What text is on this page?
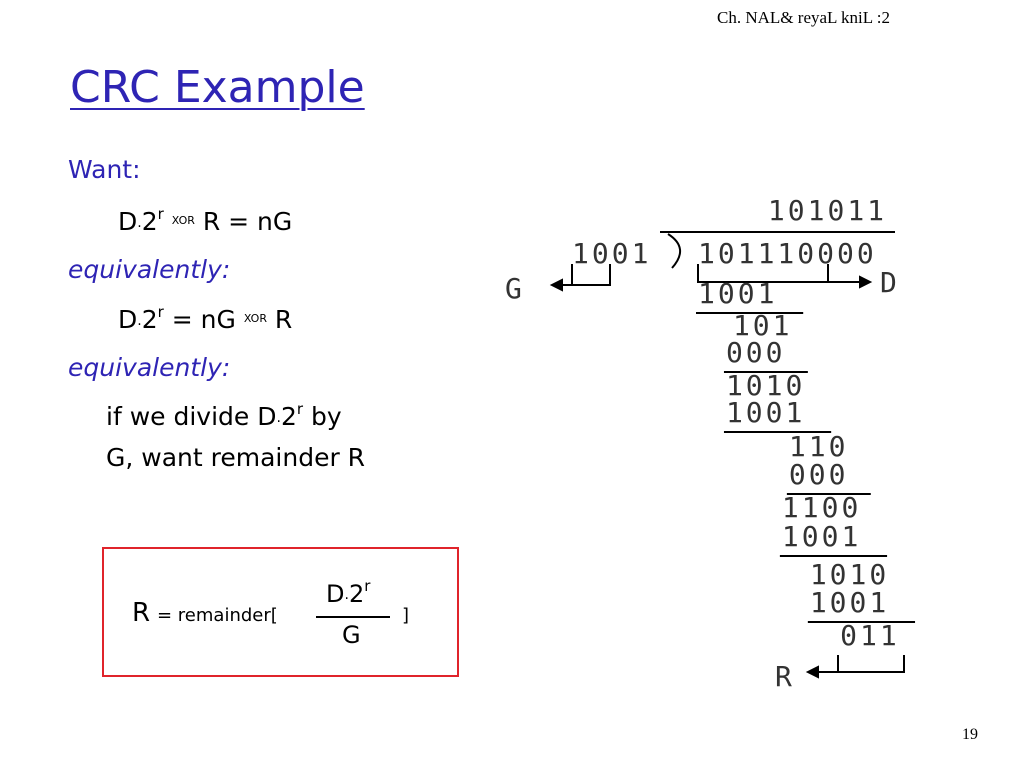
Ch. NAL& reyaL kniL :2
CRC Example
Want:
$D\cdot 2^r$ $^{XOR}$ R = nG
equivalently:
$D\cdot 2^r$ = nG $^{XOR}$ R
equivalently:
if we divide $D\cdot 2^r$ by
G, want remainder R
R = remainder[
$D\cdot 2^r$
G
]
101011
1001 101110000
G	D
1001
101
000
1010
1001
110
000
1100
1001
1010
1001
011
R
19
